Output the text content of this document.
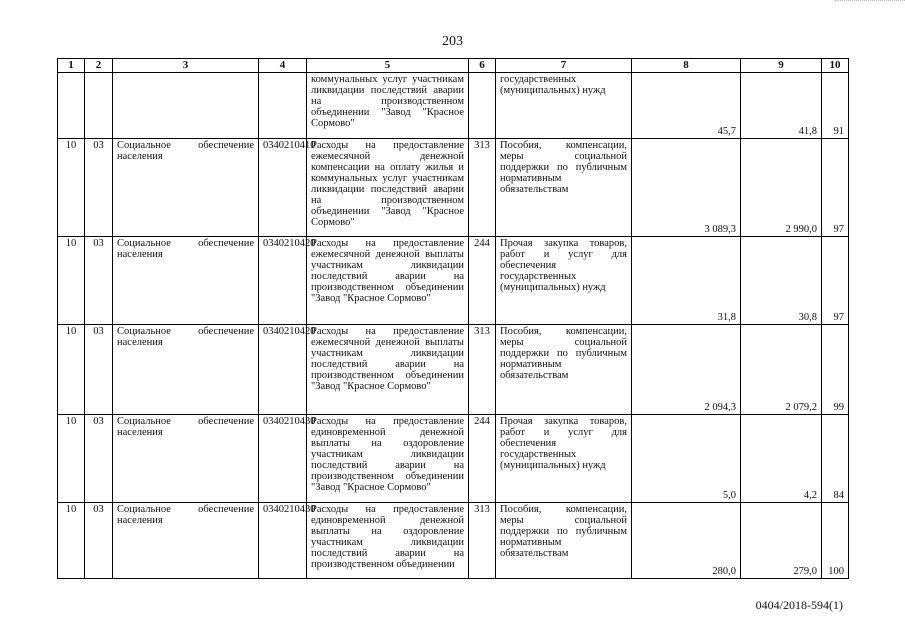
203
1	2	3	4	5	6	7	8	9	10
				коммунальных услуг участникам ликвидации последствий аварии на производственном объединении "Завод "Красное Сормово"		государственных (муниципальных) нужд	45,7	41,8	91
10	03	Социальное обеспечение населения	0340210410	Расходы на предоставление ежемесячной денежной компенсации на оплату жилья и коммунальных услуг участникам ликвидации последствий аварии на производственном объединении "Завод "Красное Сормово"	313	Пособия, компенсации, меры социальной поддержки по публичным нормативным обязательствам	3 089,3	2 990,0	97
10	03	Социальное обеспечение населения	0340210420	Расходы на предоставление ежемесячной денежной выплаты участникам ликвидации последствий аварии на производственном объединении "Завод "Красное Сормово"	244	Прочая закупка товаров, работ и услуг для обеспечения государственных (муниципальных) нужд	31,8	30,8	97
10	03	Социальное обеспечение населения	0340210420	Расходы на предоставление ежемесячной денежной выплаты участникам ликвидации последствий аварии на производственном объединении "Завод "Красное Сормово"	313	Пособия, компенсации, меры социальной поддержки по публичным нормативным обязательствам	2 094,3	2 079,2	99
10	03	Социальное обеспечение населения	0340210430	Расходы на предоставление единовременной денежной выплаты на оздоровление участникам ликвидации последствий аварии на производственном объединении "Завод "Красное Сормово"	244	Прочая закупка товаров, работ и услуг для обеспечения государственных (муниципальных) нужд	5,0	4,2	84
10	03	Социальное обеспечение населения	0340210430	Расходы на предоставление единовременной денежной выплаты на оздоровление участникам ликвидации последствий аварии на производственном объединении	313	Пособия, компенсации, меры социальной поддержки по публичным нормативным обязательствам	280,0	279,0	100
0404/2018-594(1)
